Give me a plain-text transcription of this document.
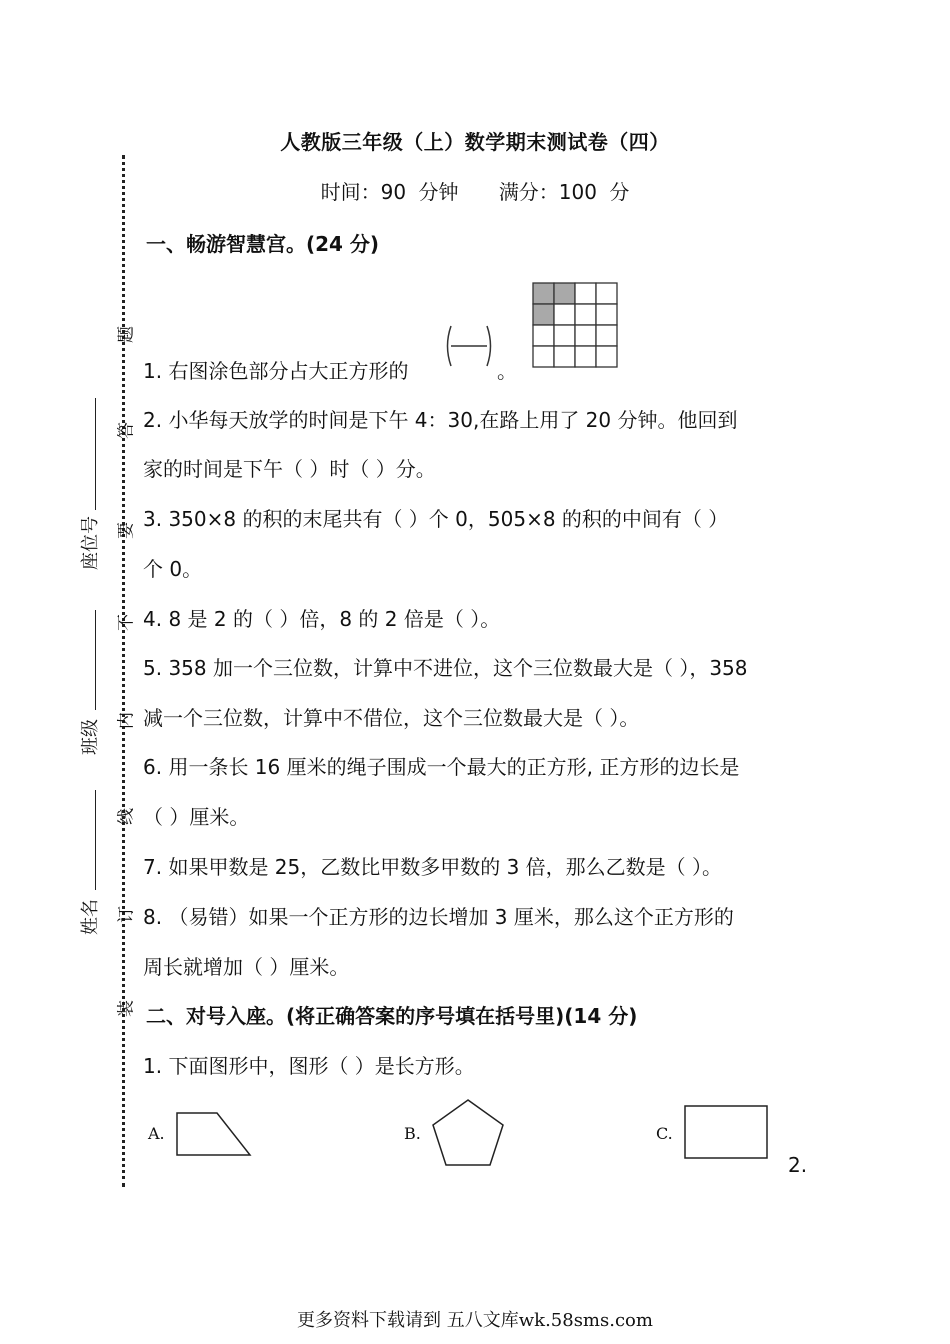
人教版三年级（上）数学期末测试卷（四）
时间：90 分钟 满分：100 分
题
答
要
不
内
线
订
装
座位号
班级
姓名
一、畅游智慧宫。(24 分)
1. 右图涂色部分占大正方形的	。
2. 小华每天放学的时间是下午 4：30,在路上用了 20 分钟。他回到
家的时间是下午（ ）时（ ）分。
3. 350×8 的积的末尾共有（ ）个 0，505×8 的积的中间有（ ）
个 0。
4. 8 是 2 的（ ）倍，8 的 2 倍是（ ）。
5. 358 加一个三位数，计算中不进位，这个三位数最大是（ ），358
减一个三位数，计算中不借位，这个三位数最大是（ ）。
6. 用一条长 16 厘米的绳子围成一个最大的正方形, 正方形的边长是
（ ）厘米。
7. 如果甲数是 25，乙数比甲数多甲数的 3 倍，那么乙数是（ ）。
8. （易错）如果一个正方形的边长增加 3 厘米，那么这个正方形的
周长就增加（ ）厘米。
二、对号入座。(将正确答案的序号填在括号里)(14 分)
1. 下面图形中，图形（ ）是长方形。
A.	B.	C.
2.
更多资料下载请到 五八文库wk.58sms.com
